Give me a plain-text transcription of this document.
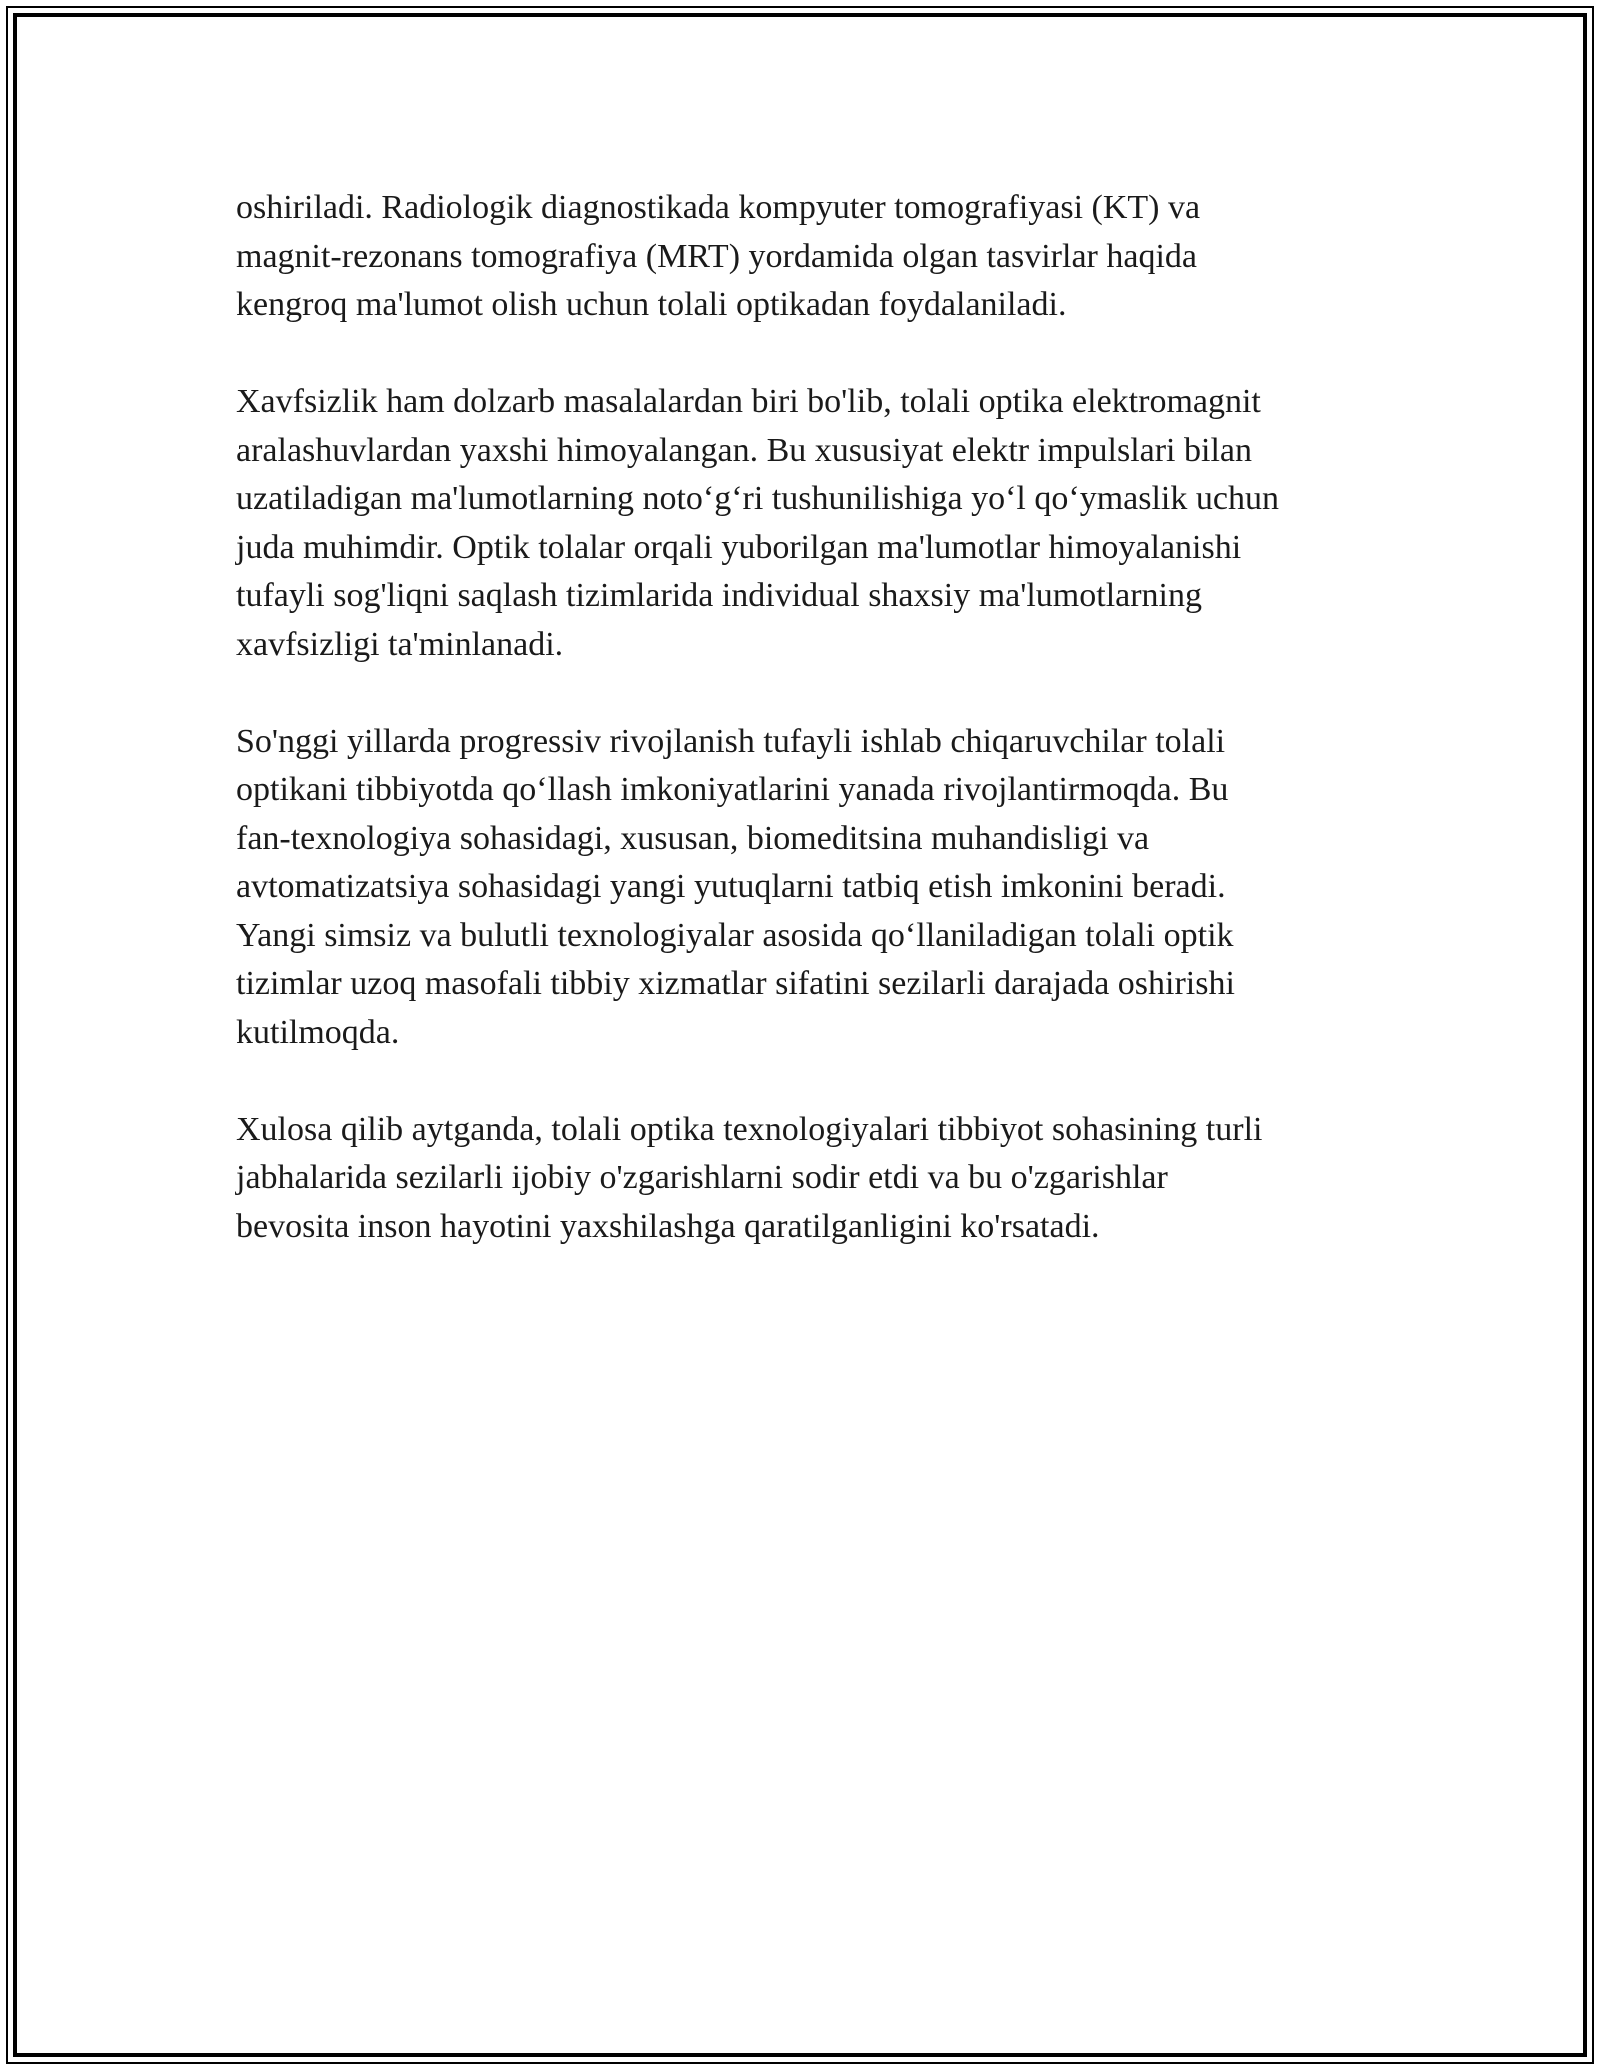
oshiriladi. Radiologik diagnostikada kompyuter tomografiyasi (KT) va
magnit-rezonans tomografiya (MRT) yordamida olgan tasvirlar haqida
kengroq ma'lumot olish uchun tolali optikadan foydalaniladi.

Xavfsizlik ham dolzarb masalalardan biri bo'lib, tolali optika elektromagnit
aralashuvlardan yaxshi himoyalangan. Bu xususiyat elektr impulslari bilan
uzatiladigan ma'lumotlarning noto‘g‘ri tushunilishiga yo‘l qo‘ymaslik uchun
juda muhimdir. Optik tolalar orqali yuborilgan ma'lumotlar himoyalanishi
tufayli sog'liqni saqlash tizimlarida individual shaxsiy ma'lumotlarning
xavfsizligi ta'minlanadi.

So'nggi yillarda progressiv rivojlanish tufayli ishlab chiqaruvchilar tolali
optikani tibbiyotda qo‘llash imkoniyatlarini yanada rivojlantirmoqda. Bu
fan-texnologiya sohasidagi, xususan, biomeditsina muhandisligi va
avtomatizatsiya sohasidagi yangi yutuqlarni tatbiq etish imkonini beradi.
Yangi simsiz va bulutli texnologiyalar asosida qo‘llaniladigan tolali optik
tizimlar uzoq masofali tibbiy xizmatlar sifatini sezilarli darajada oshirishi
kutilmoqda.

Xulosa qilib aytganda, tolali optika texnologiyalari tibbiyot sohasining turli
jabhalarida sezilarli ijobiy o'zgarishlarni sodir etdi va bu o'zgarishlar
bevosita inson hayotini yaxshilashga qaratilganligini ko'rsatadi.
